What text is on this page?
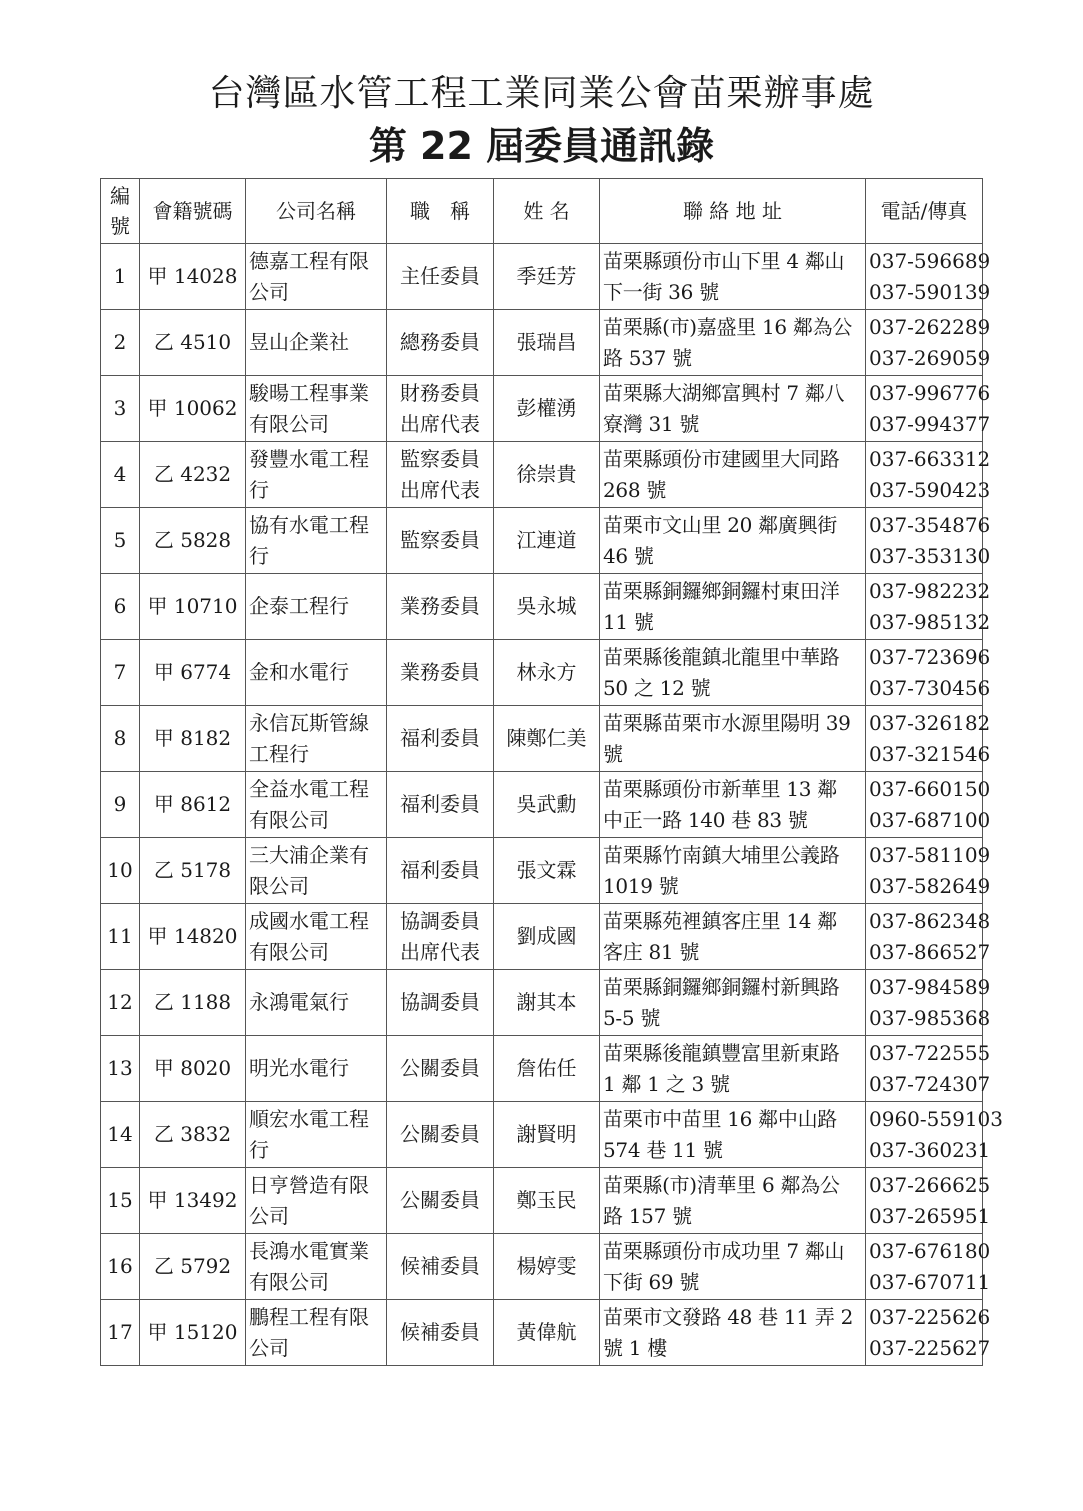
台灣區水管工程工業同業公會苗栗辦事處
第 22 屆委員通訊錄
編
號	會籍號碼	公司名稱	職　稱	姓 名	聯 絡 地 址	電話/傳真
1	甲 14028	德嘉工程有限
公司	主任委員	季廷芳	苗栗縣頭份市山下里 4 鄰山
下一街 36 號	037-596689
037-590139

2	乙 4510	昱山企業社	總務委員	張瑞昌	苗栗縣(市)嘉盛里 16 鄰為公
路 537 號	037-262289
037-269059

3	甲 10062	駿暘工程事業
有限公司	財務委員
出席代表	彭權湧	苗栗縣大湖鄉富興村 7 鄰八
寮灣 31 號	037-996776
037-994377

4	乙 4232	發豐水電工程
行	監察委員
出席代表	徐崇貴	苗栗縣頭份市建國里大同路
268 號	037-663312
037-590423

5	乙 5828	協有水電工程
行	監察委員	江連道	苗栗市文山里 20 鄰廣興街
46 號	037-354876
037-353130

6	甲 10710	企泰工程行	業務委員	吳永城	苗栗縣銅鑼鄉銅鑼村東田洋
11 號	037-982232
037-985132

7	甲 6774	金和水電行	業務委員	林永方	苗栗縣後龍鎮北龍里中華路
50 之 12 號	037-723696
037-730456

8	甲 8182	永信瓦斯管線
工程行	福利委員	陳鄭仁美	苗栗縣苗栗市水源里陽明 39
號	037-326182
037-321546

9	甲 8612	全益水電工程
有限公司	福利委員	吳武勳	苗栗縣頭份市新華里 13 鄰
中正一路 140 巷 83 號	037-660150
037-687100

10	乙 5178	三大浦企業有
限公司	福利委員	張文霖	苗栗縣竹南鎮大埔里公義路
1019 號	037-581109
037-582649

11	甲 14820	成國水電工程
有限公司	協調委員
出席代表	劉成國	苗栗縣苑裡鎮客庄里 14 鄰
客庄 81 號	037-862348
037-866527

12	乙 1188	永鴻電氣行	協調委員	謝其本	苗栗縣銅鑼鄉銅鑼村新興路
5-5 號	037-984589
037-985368

13	甲 8020	明光水電行	公關委員	詹佑任	苗栗縣後龍鎮豐富里新東路
1 鄰 1 之 3 號	037-722555
037-724307

14	乙 3832	順宏水電工程
行	公關委員	謝賢明	苗栗市中苗里 16 鄰中山路
574 巷 11 號	0960-559103
037-360231

15	甲 13492	日亨營造有限
公司	公關委員	鄭玉民	苗栗縣(市)清華里 6 鄰為公
路 157 號	037-266625
037-265951

16	乙 5792	長鴻水電實業
有限公司	候補委員	楊婷雯	苗栗縣頭份市成功里 7 鄰山
下街 69 號	037-676180
037-670711

17	甲 15120	鵬程工程有限
公司	候補委員	黃偉航	苗栗市文發路 48 巷 11 弄 2
號 1 樓	037-225626
037-225627
